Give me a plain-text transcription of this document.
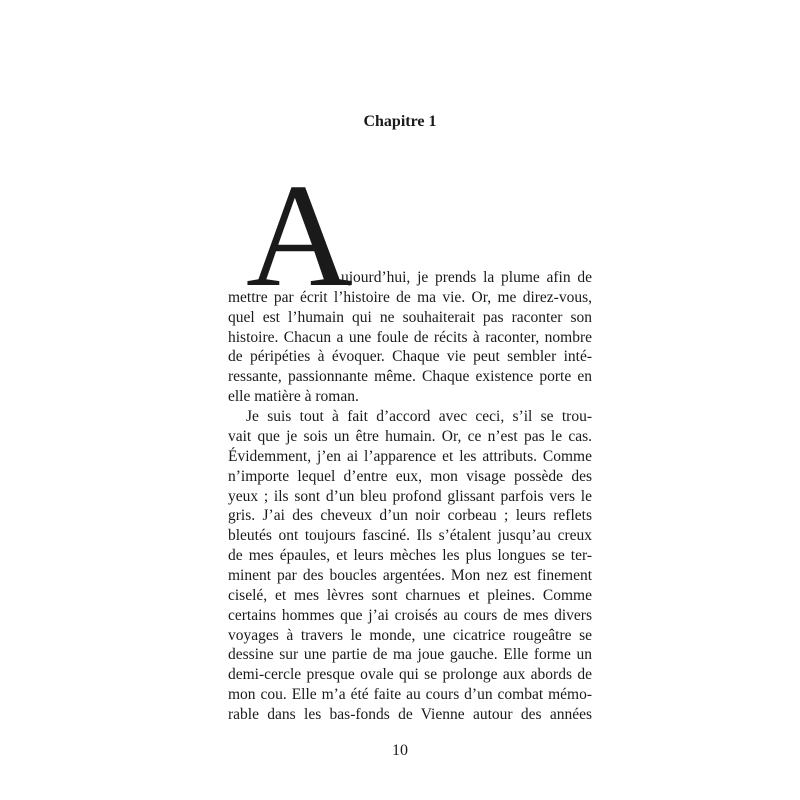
Chapitre 1
A
ujourd’hui, je prends la plume afin de
mettre par écrit l’histoire de ma vie. Or, me direz-vous,
quel est l’humain qui ne souhaiterait pas raconter son
histoire. Chacun a une foule de récits à raconter, nombre
de péripéties à évoquer. Chaque vie peut sembler inté-
ressante, passionnante même. Chaque existence porte en
elle matière à roman.
Je suis tout à fait d’accord avec ceci, s’il se trou-
vait que je sois un être humain. Or, ce n’est pas le cas.
Évidemment, j’en ai l’apparence et les attributs. Comme
n’importe lequel d’entre eux, mon visage possède des
yeux ; ils sont d’un bleu profond glissant parfois vers le
gris. J’ai des cheveux d’un noir corbeau ; leurs reflets
bleutés ont toujours fasciné. Ils s’étalent jusqu’au creux
de mes épaules, et leurs mèches les plus longues se ter-
minent par des boucles argentées. Mon nez est finement
ciselé, et mes lèvres sont charnues et pleines. Comme
certains hommes que j’ai croisés au cours de mes divers
voyages à travers le monde, une cicatrice rougeâtre se
dessine sur une partie de ma joue gauche. Elle forme un
demi-cercle presque ovale qui se prolonge aux abords de
mon cou. Elle m’a été faite au cours d’un combat mémo-
rable dans les bas-fonds de Vienne autour des années
10
